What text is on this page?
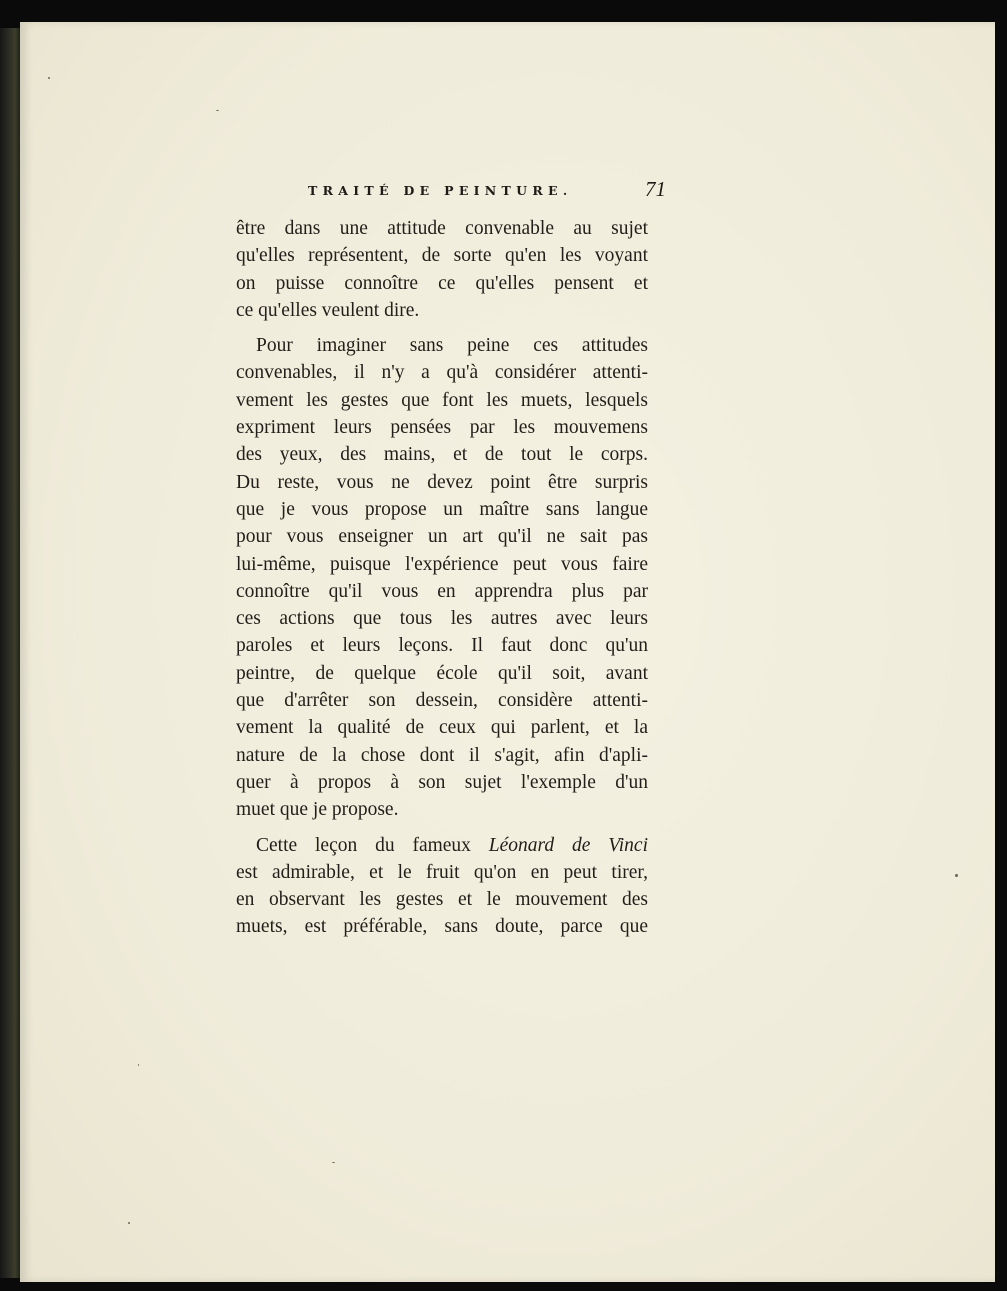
TRAITÉ DE PEINTURE.	71
être dans une attitude convenable au sujet
qu'elles représentent, de sorte qu'en les voyant
on puisse connoître ce qu'elles pensent et
ce qu'elles veulent dire.
Pour imaginer sans peine ces attitudes
convenables, il n'y a qu'à considérer attenti-
vement les gestes que font les muets, lesquels
expriment leurs pensées par les mouvemens
des yeux, des mains, et de tout le corps.
Du reste, vous ne devez point être surpris
que je vous propose un maître sans langue
pour vous enseigner un art qu'il ne sait pas
lui-même, puisque l'expérience peut vous faire
connoître qu'il vous en apprendra plus par
ces actions que tous les autres avec leurs
paroles et leurs leçons. Il faut donc qu'un
peintre, de quelque école qu'il soit, avant
que d'arrêter son dessein, considère attenti-
vement la qualité de ceux qui parlent, et la
nature de la chose dont il s'agit, afin d'apli-
quer à propos à son sujet l'exemple d'un
muet que je propose.
Cette leçon du fameux Léonard de Vinci
est admirable, et le fruit qu'on en peut tirer,
en observant les gestes et le mouvement des
muets, est préférable, sans doute, parce que
